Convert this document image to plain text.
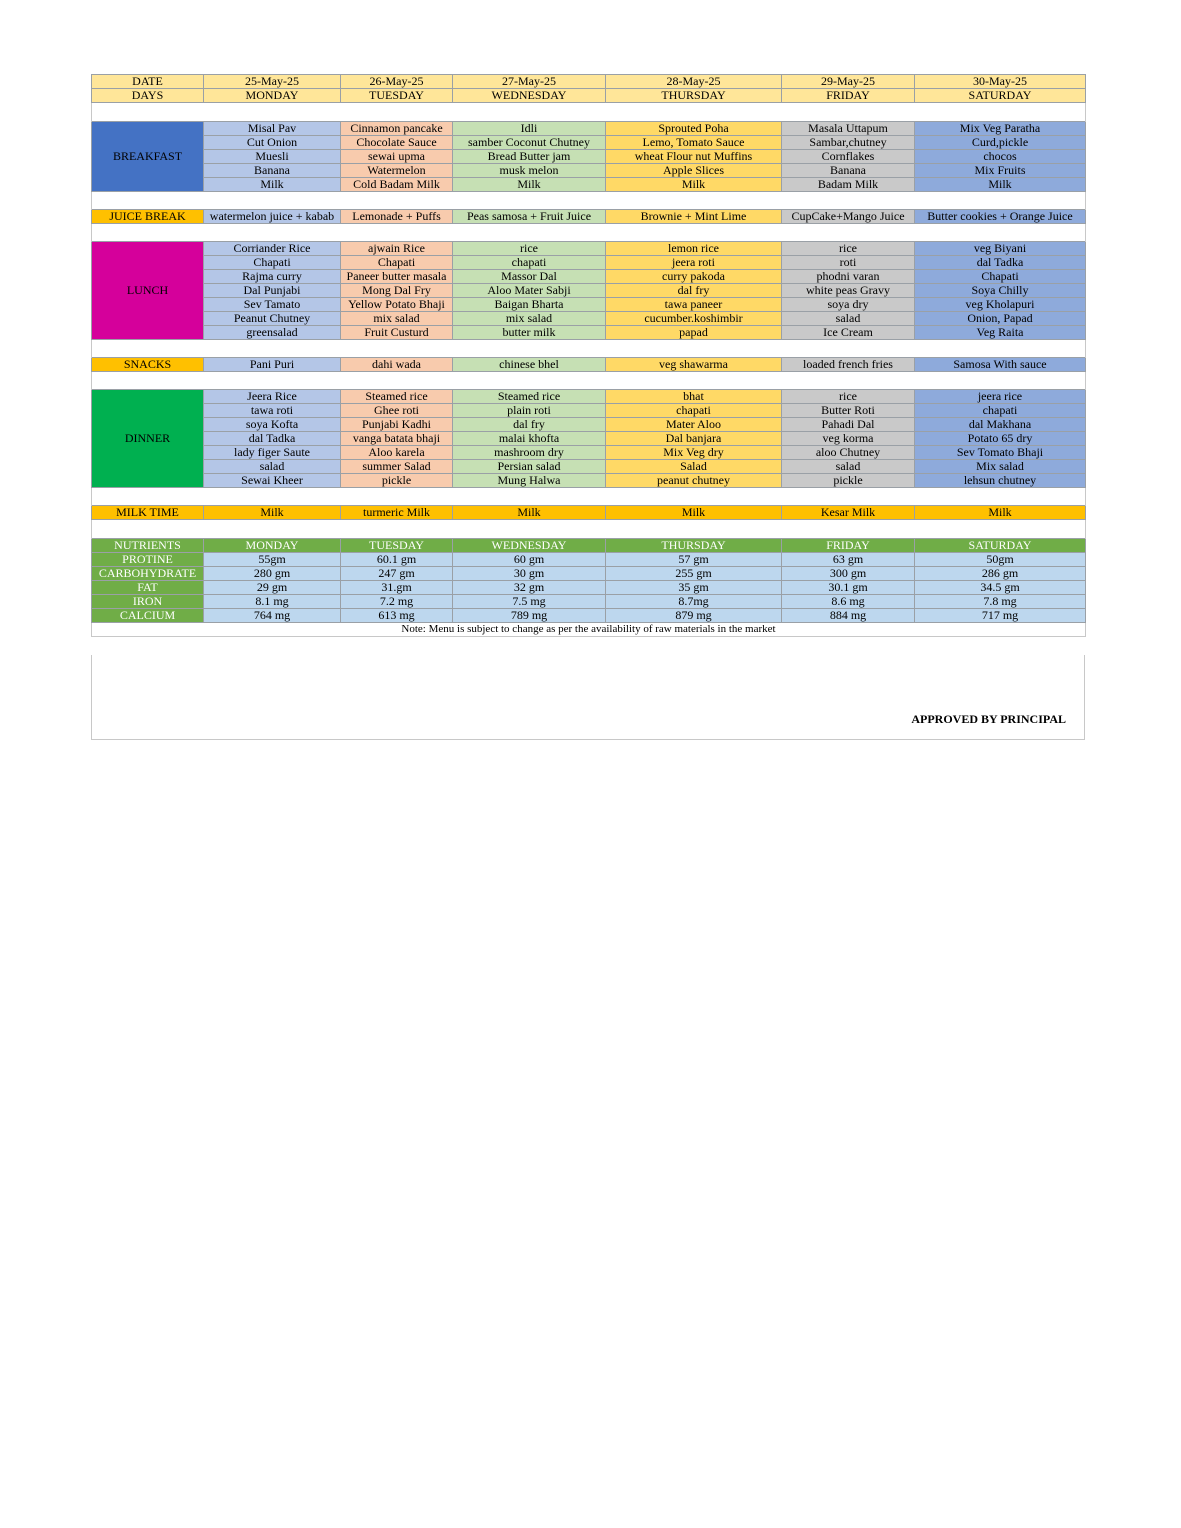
DATE	25-May-25	26-May-25	27-May-25	28-May-25	29-May-25	30-May-25
DAYS	MONDAY	TUESDAY	WEDNESDAY	THURSDAY	FRIDAY	SATURDAY

BREAKFAST	Misal Pav	Cinnamon pancake	Idli	Sprouted Poha	Masala Uttapum	Mix Veg Paratha
	Cut Onion	Chocolate Sauce	samber Coconut Chutney	Lemo, Tomato Sauce	Sambar,chutney	Curd,pickle
	Muesli	sewai upma	Bread Butter jam	wheat Flour nut Muffins	Cornflakes	chocos
	Banana	Watermelon	musk melon	Apple Slices	Banana	Mix Fruits
	Milk	Cold Badam Milk	Milk	Milk	Badam Milk	Milk

JUICE BREAK	watermelon juice + kabab	Lemonade + Puffs	Peas samosa + Fruit Juice	Brownie + Mint Lime	CupCake+Mango Juice	Butter cookies + Orange Juice

LUNCH	Corriander Rice	ajwain Rice	rice	lemon rice	rice	veg Biyani
	Chapati	Chapati	chapati	jeera roti	roti	dal Tadka
	Rajma curry	Paneer butter masala	Massor Dal	curry pakoda	phodni varan	Chapati
	Dal Punjabi	Mong Dal Fry	Aloo Mater Sabji	dal fry	white peas Gravy	Soya Chilly
	Sev Tamato	Yellow Potato Bhaji	Baigan Bharta	tawa paneer	soya dry	veg Kholapuri
	Peanut Chutney	mix salad	mix salad	cucumber.koshimbir	salad	Onion, Papad
	greensalad	Fruit Custurd	butter milk	papad	Ice Cream	Veg Raita

SNACKS	Pani Puri	dahi wada	chinese bhel	veg shawarma	loaded french fries	Samosa With sauce

DINNER	Jeera Rice	Steamed rice	Steamed rice	bhat	rice	jeera rice
	tawa roti	Ghee roti	plain roti	chapati	Butter Roti	chapati
	soya Kofta	Punjabi Kadhi	dal fry	Mater Aloo	Pahadi Dal	dal Makhana
	dal Tadka	vanga batata bhaji	malai khofta	Dal banjara	veg korma	Potato 65 dry
	lady figer Saute	Aloo karela	mashroom dry	Mix Veg dry	aloo Chutney	Sev Tomato Bhaji
	salad	summer Salad	Persian salad	Salad	salad	Mix salad
	Sewai Kheer	pickle	Mung Halwa	peanut chutney	pickle	lehsun chutney

MILK TIME	Milk	turmeric Milk	Milk	Milk	Kesar Milk	Milk

NUTRIENTS	MONDAY	TUESDAY	WEDNESDAY	THURSDAY	FRIDAY	SATURDAY
PROTINE	55gm	60.1 gm	60 gm	57 gm	63 gm	50gm
CARBOHYDRATE	280 gm	247 gm	30 gm	255 gm	300 gm	286 gm
FAT	29 gm	31.gm	32 gm	35 gm	30.1 gm	34.5 gm
IRON	8.1 mg	7.2 mg	7.5 mg	8.7mg	8.6 mg	7.8 mg
CALCIUM	764 mg	613 mg	789 mg	879 mg	884 mg	717 mg
Note: Menu is subject to change as per the availability of raw materials in the market						
APPROVED BY PRINCIPAL
